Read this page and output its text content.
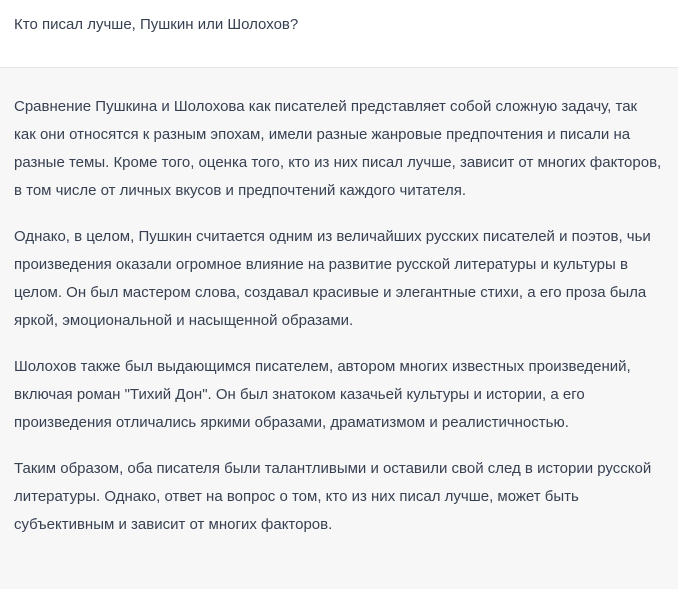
Кто писал лучше, Пушкин или Шолохов?

Сравнение Пушкина и Шолохова как писателей представляет собой сложную задачу, так как они относятся к разным эпохам, имели разные жанровые предпочтения и писали на разные темы. Кроме того, оценка того, кто из них писал лучше, зависит от многих факторов, в том числе от личных вкусов и предпочтений каждого читателя.

Однако, в целом, Пушкин считается одним из величайших русских писателей и поэтов, чьи произведения оказали огромное влияние на развитие русской литературы и культуры в целом. Он был мастером слова, создавал красивые и элегантные стихи, а его проза была яркой, эмоциональной и насыщенной образами.

Шолохов также был выдающимся писателем, автором многих известных произведений, включая роман "Тихий Дон". Он был знатоком казачьей культуры и истории, а его произведения отличались яркими образами, драматизмом и реалистичностью.

Таким образом, оба писателя были талантливыми и оставили свой след в истории русской литературы. Однако, ответ на вопрос о том, кто из них писал лучше, может быть субъективным и зависит от многих факторов.
